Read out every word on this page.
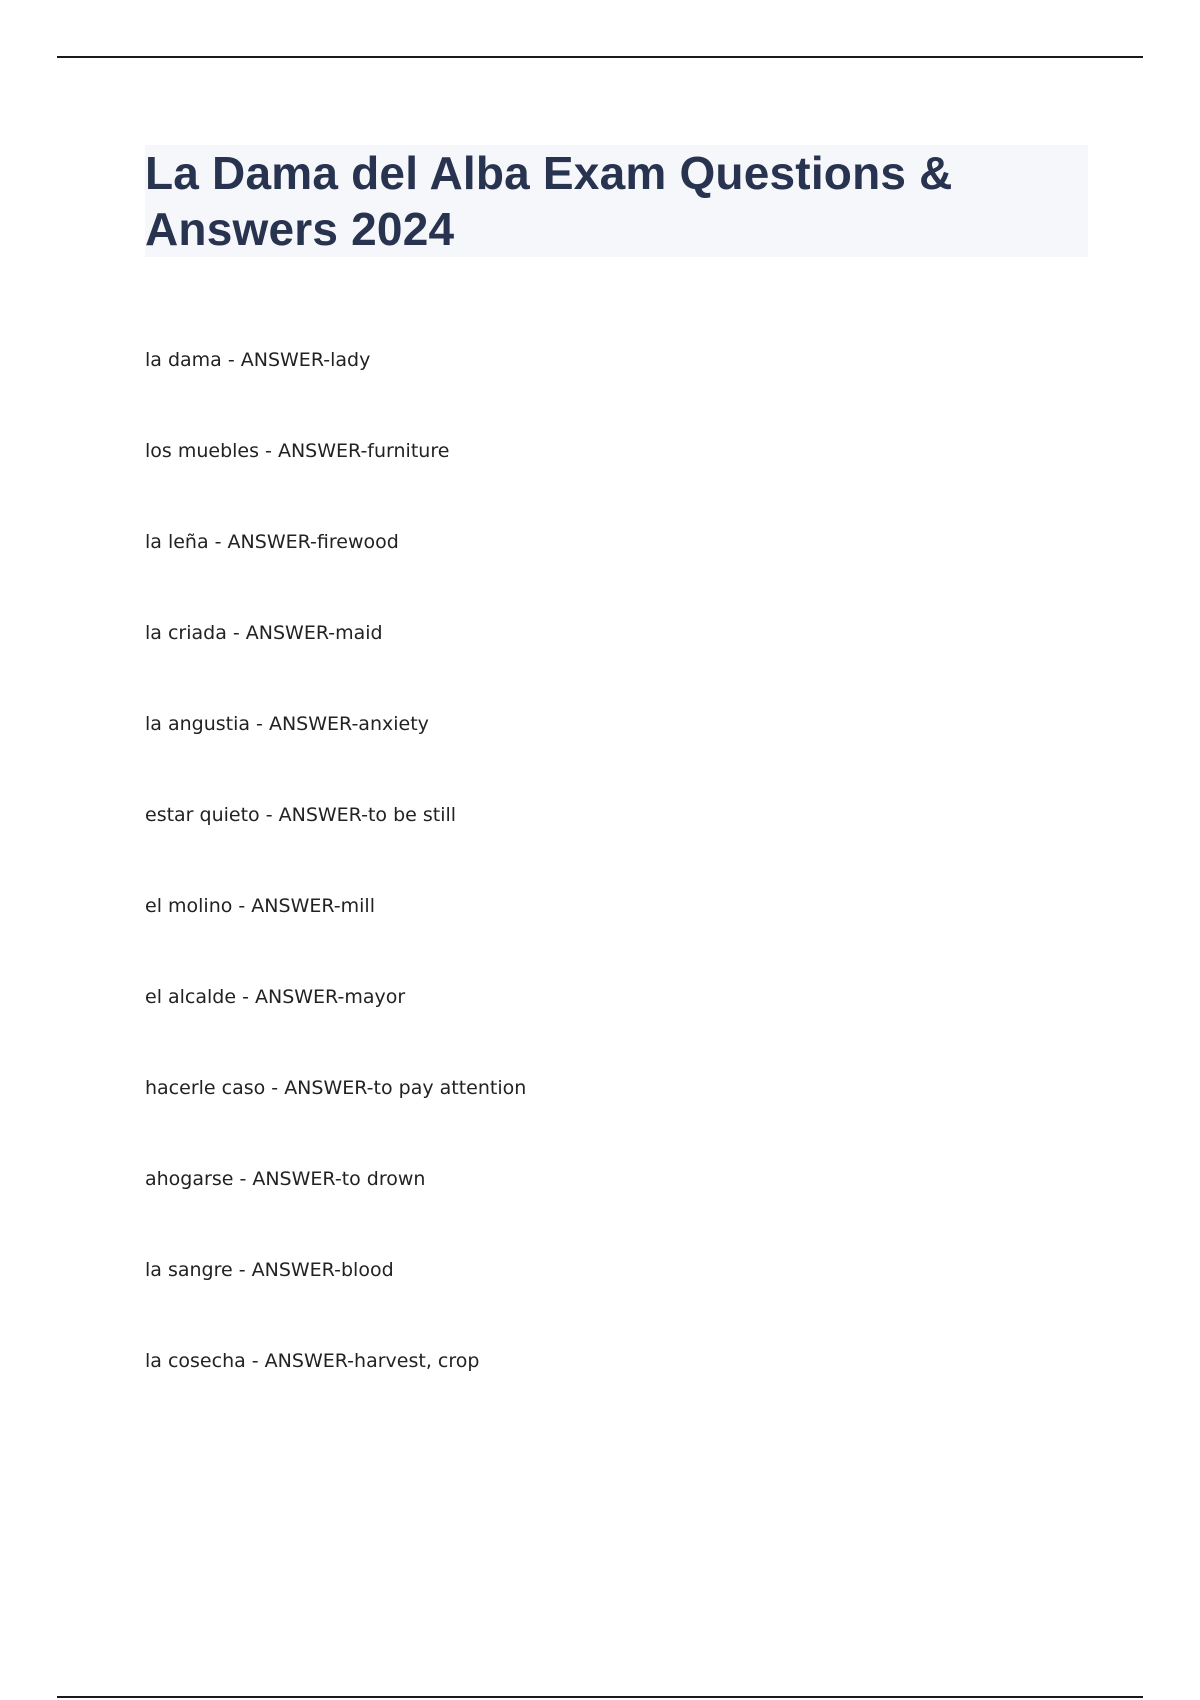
La Dama del Alba Exam Questions & Answers 2024
la dama - ANSWER-lady
los muebles - ANSWER-furniture
la leña - ANSWER-firewood
la criada - ANSWER-maid
la angustia - ANSWER-anxiety
estar quieto - ANSWER-to be still
el molino - ANSWER-mill
el alcalde - ANSWER-mayor
hacerle caso - ANSWER-to pay attention
ahogarse - ANSWER-to drown
la sangre - ANSWER-blood
la cosecha - ANSWER-harvest, crop
